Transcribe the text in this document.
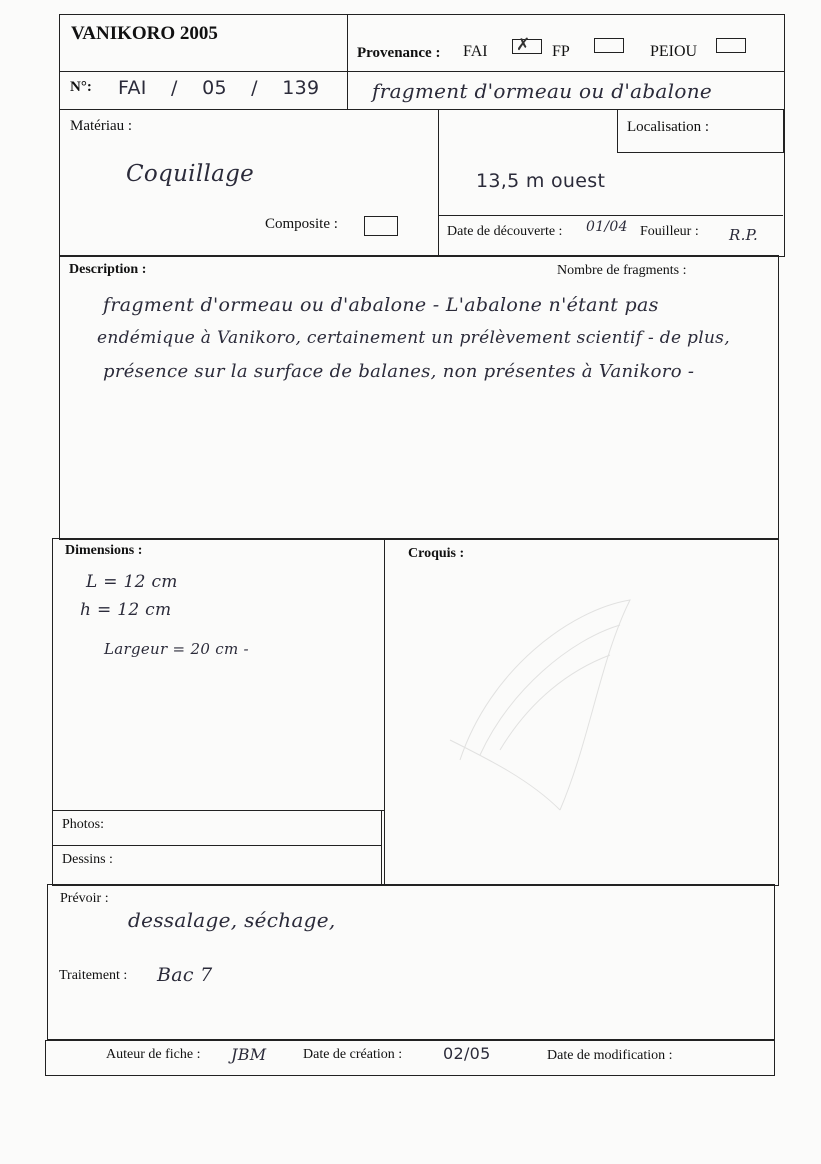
VANIKORO 2005
Provenance : FAI ✗ FP	PEIOU
N°: FAI / 05 / 139	fragment d'ormeau ou d'abalone
Matériau :
Coquillage
Composite :
Localisation :
13,5 m ouest
Date de découverte : 01/04 Fouilleur : R.P.
Description :	Nombre de fragments :
fragment d'ormeau ou d'abalone - L'abalone n'étant pas
endémique à Vanikoro, certainement un prélèvement scientif - de plus,
présence sur la surface de balanes, non présentes à Vanikoro -
Dimensions :
L = 12 cm
h = 12 cm
Largeur = 20 cm -
Croquis :
Photos:
Dessins :
Prévoir :
dessalage, séchage,
Traitement : Bac 7
Auteur de fiche : JBM	Date de création :	02/05	Date de modification :
